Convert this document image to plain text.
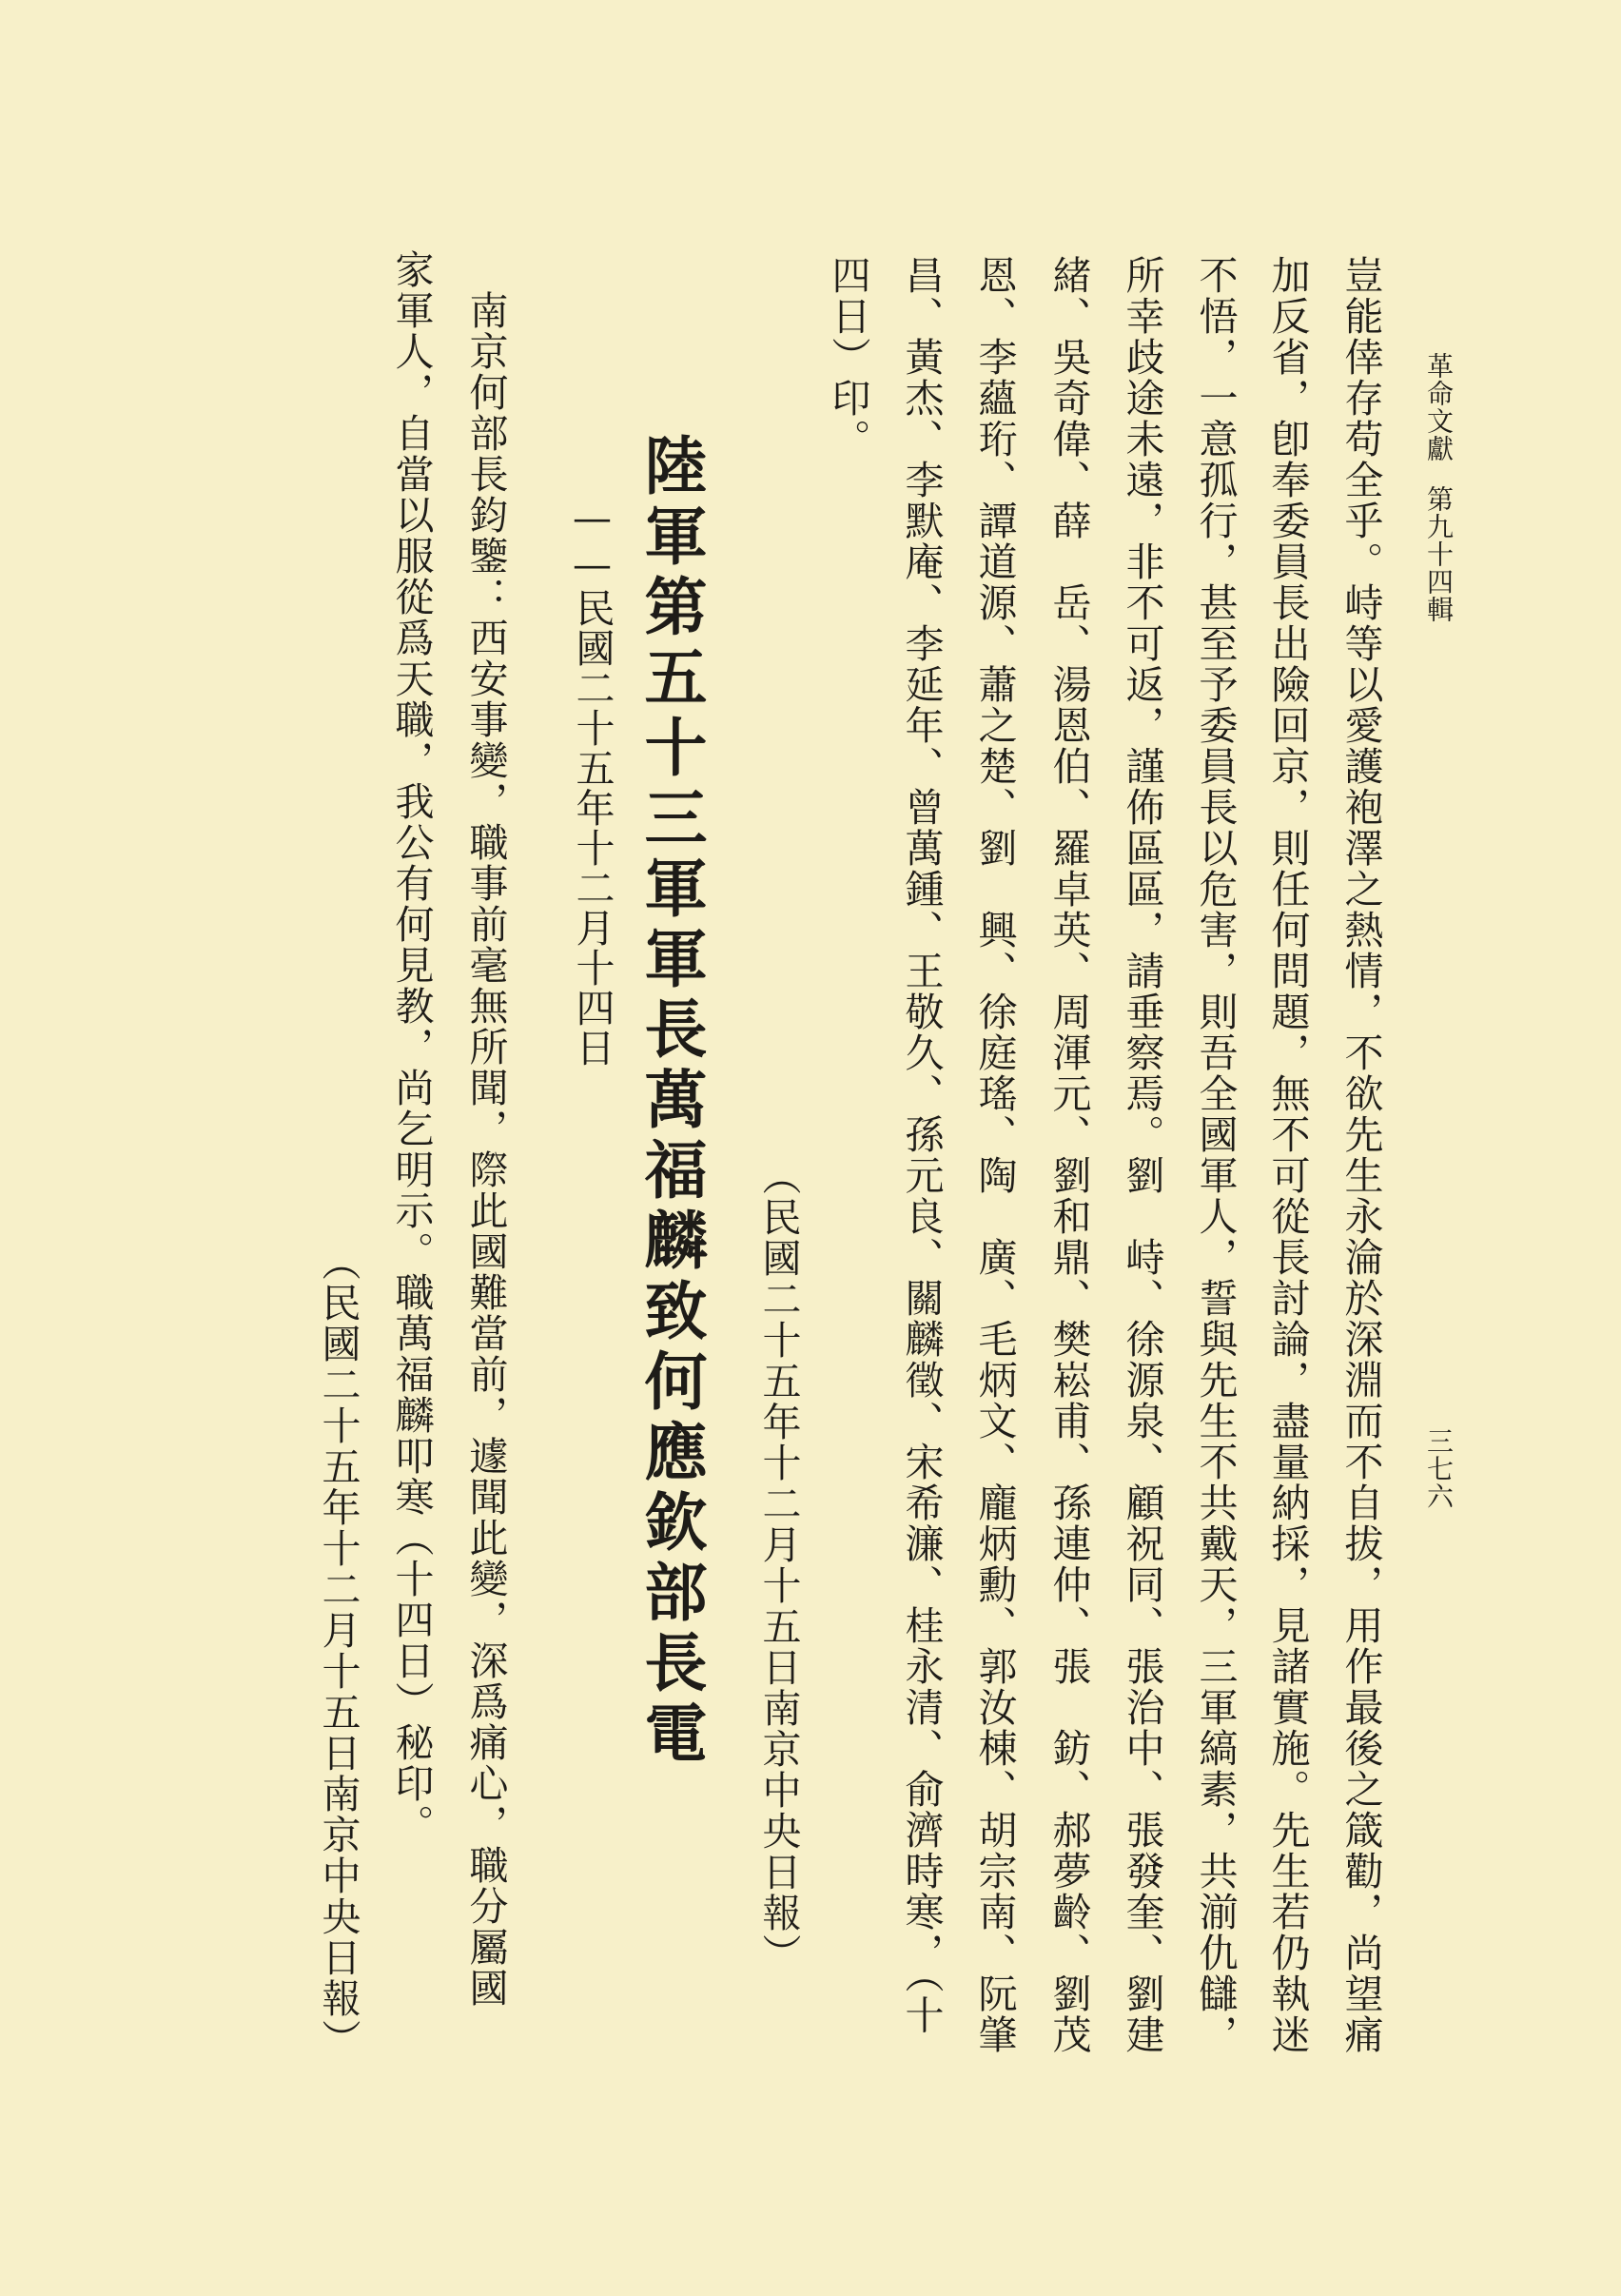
革命文獻第九十四輯
三七六
豈能倖存苟全乎。峙等以愛護袍澤之熱情，不欲先生永淪於深淵而不自拔，用作最後之箴勸，尚望痛
加反省，卽奉委員長出險回京，則任何問題，無不可從長討論，盡量納採，見諸實施。先生若仍執迷
不悟，一意孤行，甚至予委員長以危害，則吾全國軍人，誓與先生不共戴天，三軍縞素，共湔仇讎，
所幸歧途未遠，非不可返，謹佈區區，請垂察焉。劉　峙、徐源泉、顧祝同、張治中、張發奎、劉建
緒、吳奇偉、薛　岳、湯恩伯、羅卓英、周渾元、劉和鼎、樊崧甫、孫連仲、張　鈁、郝夢齡、劉茂
恩、李蘊珩、譚道源、蕭之楚、劉　興、徐庭瑤、陶　廣、毛炳文、龐炳勳、郭汝棟、胡宗南、阮肇
昌、黃杰、李默庵、李延年、曾萬鍾、王敬久、孫元良、關麟徵、宋希濂、桂永清、俞濟時寒，（十
四日）印。
（民國二十五年十二月十五日南京中央日報）
陸軍第五十三軍軍長萬福麟致何應欽部長電
——民國二十五年十二月十四日
南京何部長鈞鑒：西安事變，職事前毫無所聞，際此國難當前，遽聞此變，深爲痛心，職分屬國
家軍人，自當以服從爲天職，我公有何見教，尚乞明示。職萬福麟叩寒（十四日）秘印。
（民國二十五年十二月十五日南京中央日報）
